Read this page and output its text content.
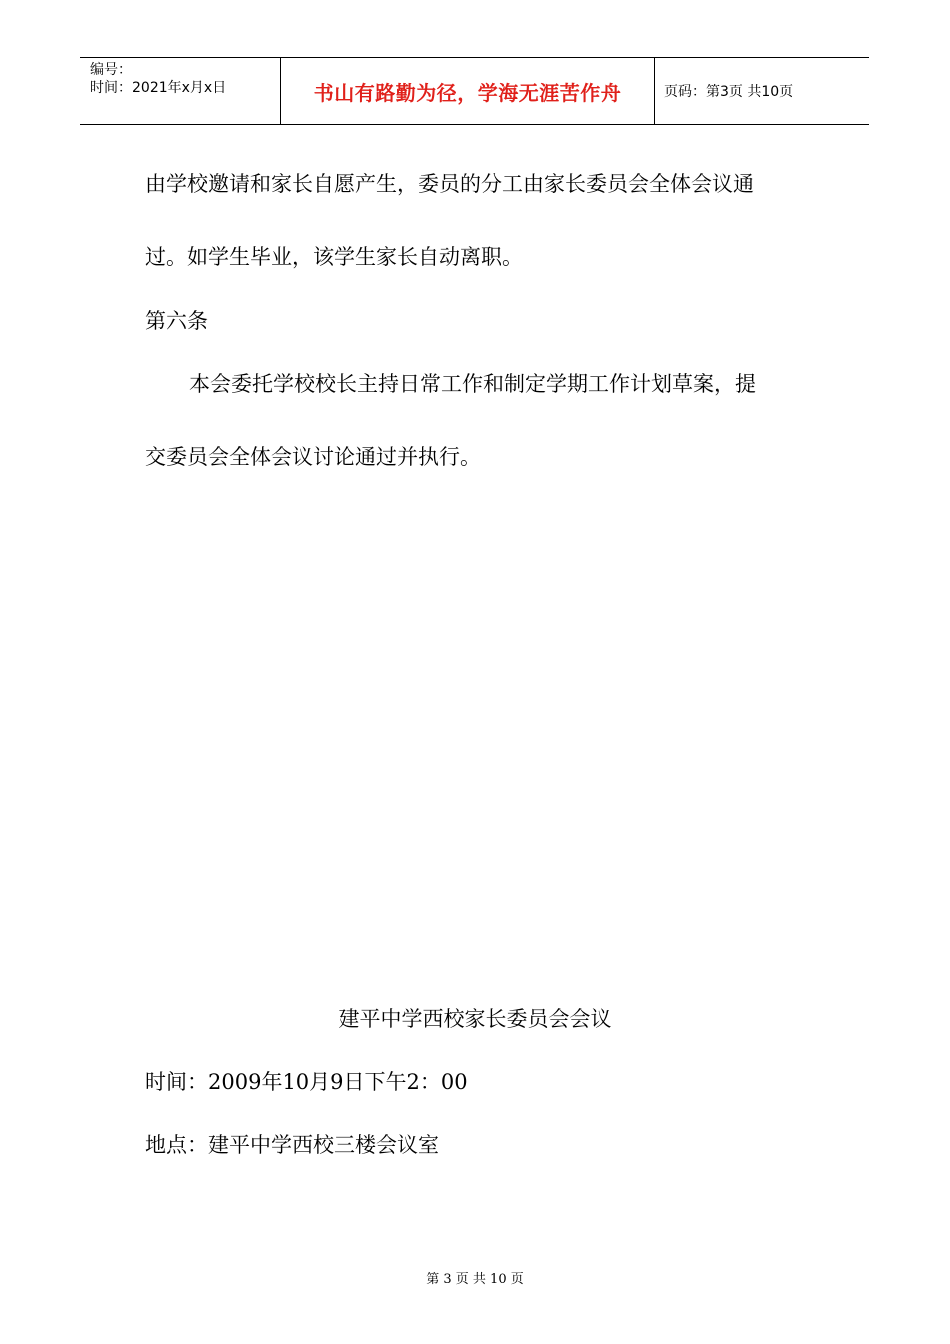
编号：
时间：2021年x月x日	书山有路勤为径，学海无涯苦作舟	页码：第3页 共10页
由学校邀请和家长自愿产生，委员的分工由家长委员会全体会议通
过。如学生毕业，该学生家长自动离职。
第六条
本会委托学校校长主持日常工作和制定学期工作计划草案，提
交委员会全体会议讨论通过并执行。
建平中学西校家长委员会会议
时间：2009年10月9日下午2：00
地点：建平中学西校三楼会议室
第 3 页 共 10 页
